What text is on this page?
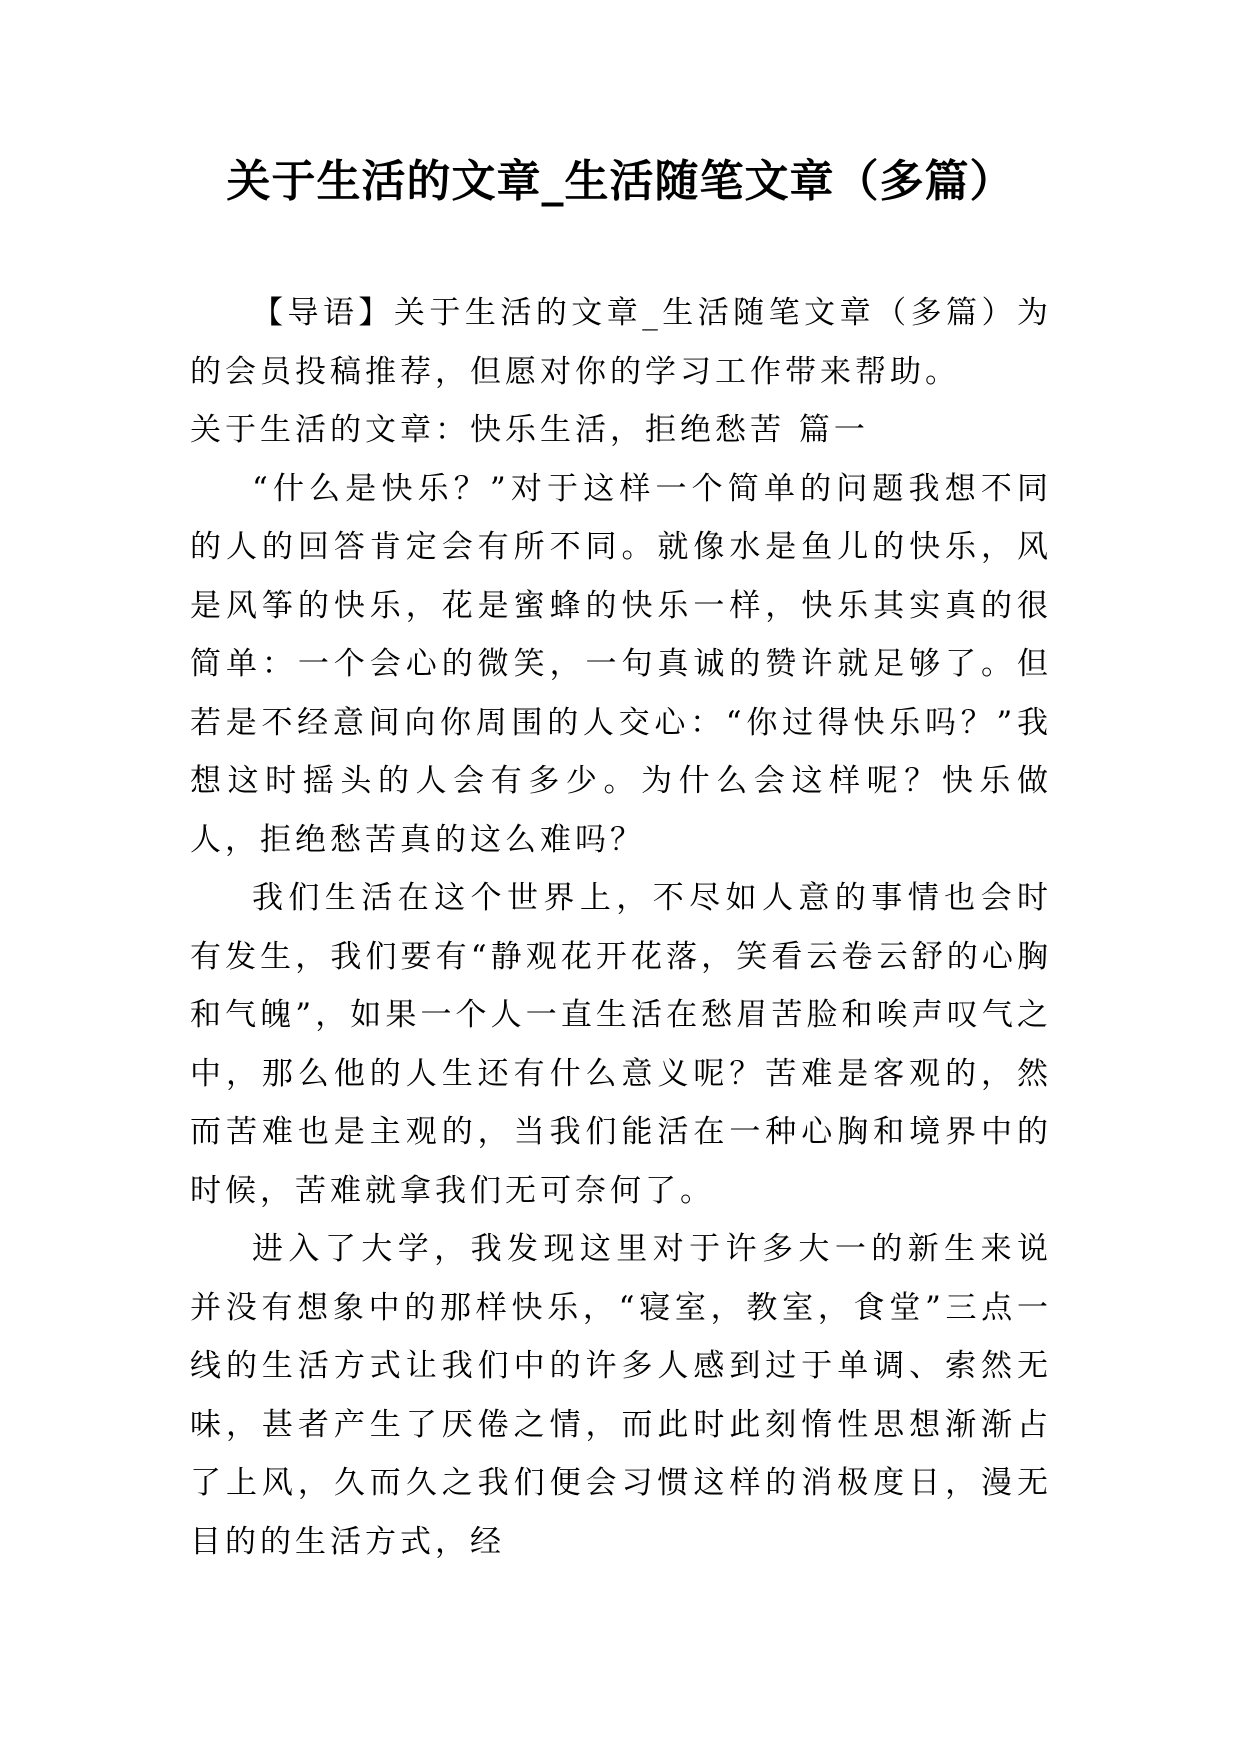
关于生活的文章_生活随笔文章（多篇）

【导语】关于生活的文章_生活随笔文章（多篇）为的会员投稿推荐，但愿对你的学习工作带来帮助。

关于生活的文章：快乐生活，拒绝愁苦 篇一

“什么是快乐？”对于这样一个简单的问题我想不同的人的回答肯定会有所不同。就像水是鱼儿的快乐，风是风筝的快乐，花是蜜蜂的快乐一样，快乐其实真的很简单：一个会心的微笑，一句真诚的赞许就足够了。但若是不经意间向你周围的人交心：“你过得快乐吗？”我想这时摇头的人会有多少。为什么会这样呢？快乐做人，拒绝愁苦真的这么难吗？

我们生活在这个世界上，不尽如人意的事情也会时有发生，我们要有“静观花开花落，笑看云卷云舒的心胸和气魄”，如果一个人一直生活在愁眉苦脸和唉声叹气之中，那么他的人生还有什么意义呢？苦难是客观的，然而苦难也是主观的，当我们能活在一种心胸和境界中的时候，苦难就拿我们无可奈何了。

进入了大学，我发现这里对于许多大一的新生来说并没有想象中的那样快乐，“寝室，教室，食堂”三点一线的生活方式让我们中的许多人感到过于单调、索然无味，甚者产生了厌倦之情，而此时此刻惰性思想渐渐占了上风，久而久之我们便会习惯这样的消极度日，漫无目的的生活方式，经
